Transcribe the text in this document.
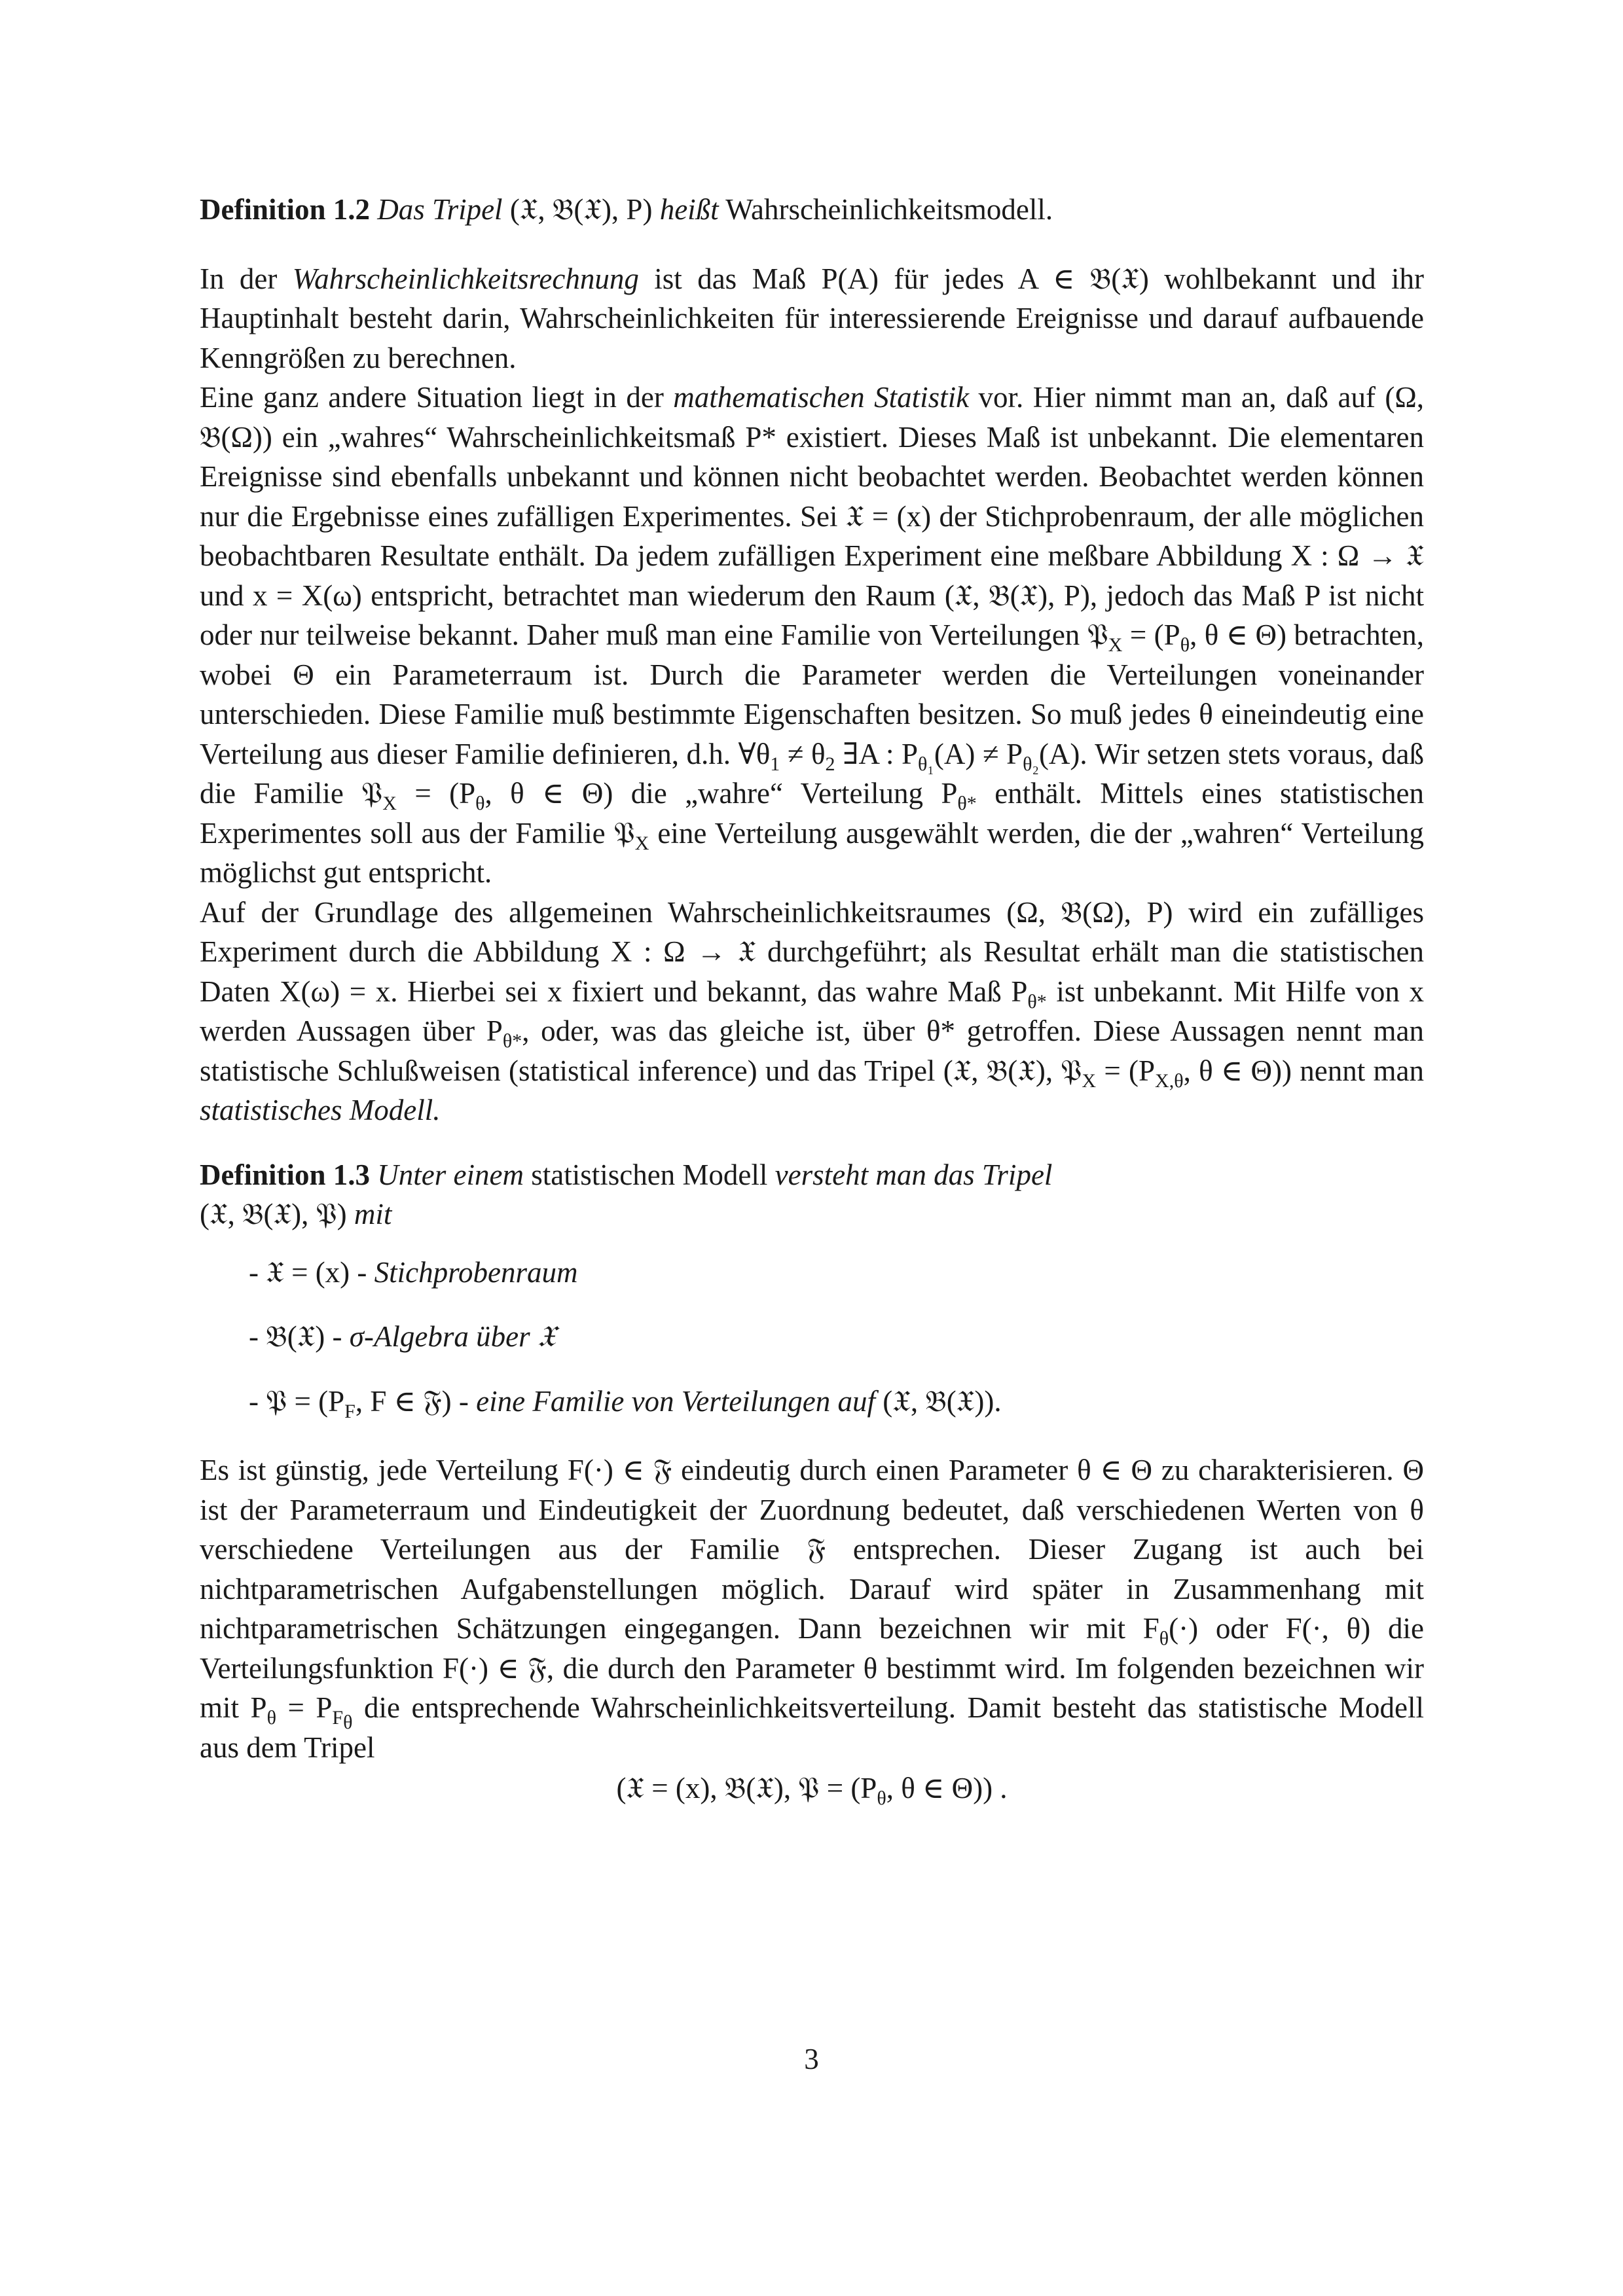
Definition 1.2 Das Tripel (𝔛, 𝔅(𝔛), P) heißt Wahrscheinlichkeitsmodell.

In der Wahrscheinlichkeitsrechnung ist das Maß P(A) für jedes A ∈ 𝔅(𝔛) wohlbekannt und ihr Hauptinhalt besteht darin, Wahrscheinlichkeiten für interessierende Ereignisse und darauf aufbauende Kenngrößen zu berechnen.

Eine ganz andere Situation liegt in der mathematischen Statistik vor. Hier nimmt man an, daß auf (Ω, 𝔅(Ω)) ein „wahres“ Wahrscheinlichkeitsmaß P* existiert. Dieses Maß ist unbekannt. Die elementaren Ereignisse sind ebenfalls unbekannt und können nicht beobachtet werden. Beobachtet werden können nur die Ergebnisse eines zufälligen Experimentes. Sei 𝔛 = (x) der Stichprobenraum, der alle möglichen beobachtbaren Resultate enthält. Da jedem zufälligen Experiment eine meßbare Abbildung X : Ω → 𝔛 und x = X(ω) entspricht, betrachtet man wiederum den Raum (𝔛, 𝔅(𝔛), P), jedoch das Maß P ist nicht oder nur teilweise bekannt. Daher muß man eine Familie von Verteilungen 𝔓$_X$ = ($P_\theta$, θ ∈ Θ) betrachten, wobei Θ ein Parameterraum ist. Durch die Parameter werden die Verteilungen voneinander unterschieden. Diese Familie muß bestimmte Eigenschaften besitzen. So muß jedes θ eineindeutig eine Verteilung aus dieser Familie definieren, d.h. $\forall\theta_1 \ne \theta_2$ ∃A : $P_{\theta_1}(A) \ne P_{\theta_2}(A)$. Wir setzen stets voraus, daß die Familie 𝔓$_X$ = ($P_\theta$, θ ∈ Θ) die „wahre“ Verteilung $P_{\theta*}$ enthält. Mittels eines statistischen Experimentes soll aus der Familie 𝔓$_X$ eine Verteilung ausgewählt werden, die der „wahren“ Verteilung möglichst gut entspricht.

Auf der Grundlage des allgemeinen Wahrscheinlichkeitsraumes (Ω, 𝔅(Ω), P) wird ein zufälliges Experiment durch die Abbildung X : Ω → 𝔛 durchgeführt; als Resultat erhält man die statistischen Daten X(ω) = x. Hierbei sei x fixiert und bekannt, das wahre Maß $P_{\theta*}$ ist unbekannt. Mit Hilfe von x werden Aussagen über $P_{\theta*}$, oder, was das gleiche ist, über θ* getroffen. Diese Aussagen nennt man statistische Schlußweisen (statistical inference) und das Tripel (𝔛, 𝔅(𝔛), 𝔓$_X$ = ($P_{X,\theta}$, θ ∈ Θ)) nennt man statistisches Modell.

Definition 1.3 Unter einem statistischen Modell versteht man das Tripel
(𝔛, 𝔅(𝔛), 𝔓) mit

- 𝔛 = (x) - Stichprobenraum
- 𝔅(𝔛) - σ-Algebra über 𝔛
- 𝔓 = ($P_F$, F ∈ 𝔉) - eine Familie von Verteilungen auf (𝔛, 𝔅(𝔛)).

Es ist günstig, jede Verteilung F(·) ∈ 𝔉 eindeutig durch einen Parameter θ ∈ Θ zu charakterisieren. Θ ist der Parameterraum und Eindeutigkeit der Zuordnung bedeutet, daß verschiedenen Werten von θ verschiedene Verteilungen aus der Familie 𝔉 entsprechen. Dieser Zugang ist auch bei nichtparametrischen Aufgabenstellungen möglich. Darauf wird später in Zusammenhang mit nichtparametrischen Schätzungen eingegangen. Dann bezeichnen wir mit $F_\theta(\cdot)$ oder F(·, θ) die Verteilungsfunktion F(·) ∈ 𝔉, die durch den Parameter θ bestimmt wird. Im folgenden bezeichnen wir mit $P_\theta = P_{F_\theta}$ die entsprechende Wahrscheinlichkeitsverteilung. Damit besteht das statistische Modell aus dem Tripel

(𝔛 = (x), 𝔅(𝔛), 𝔓 = ($P_\theta$, θ ∈ Θ)) .

3
